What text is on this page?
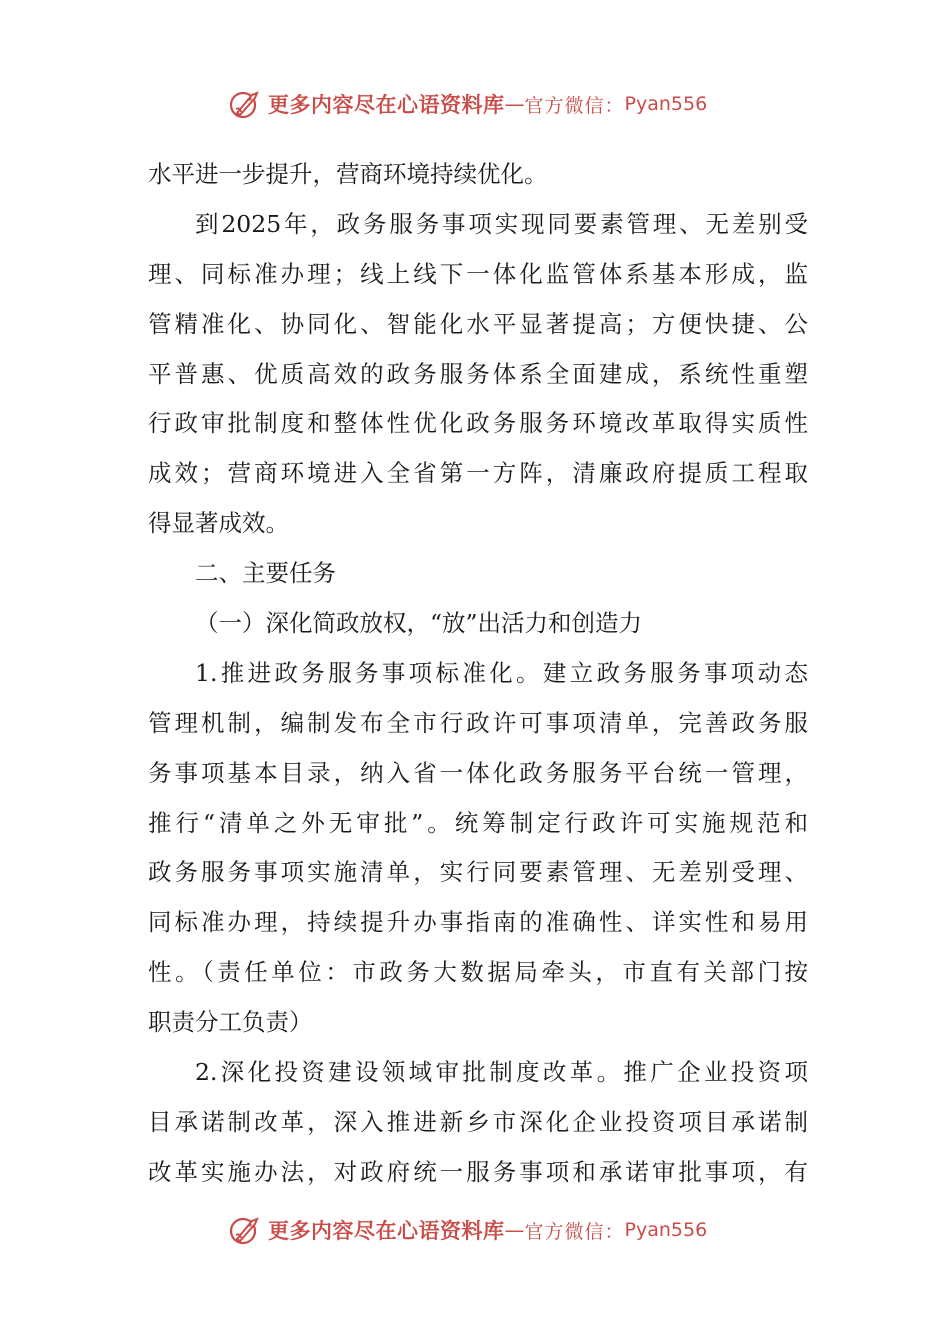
更多内容尽在心语资料库 — 官方微信： Pyan556
水平进一步提升，营商环境持续优化。
到2025年，政务服务事项实现同要素管理、无差别受
理、同标准办理；线上线下一体化监管体系基本形成，监
管精准化、协同化、智能化水平显著提高；方便快捷、公
平普惠、优质高效的政务服务体系全面建成，系统性重塑
行政审批制度和整体性优化政务服务环境改革取得实质性
成效；营商环境进入全省第一方阵，清廉政府提质工程取
得显著成效。
二、主要任务
（一）深化简政放权，“放”出活力和创造力
1.推进政务服务事项标准化。建立政务服务事项动态
管理机制，编制发布全市行政许可事项清单，完善政务服
务事项基本目录，纳入省一体化政务服务平台统一管理，
推行“清单之外无审批”。统筹制定行政许可实施规范和
政务服务事项实施清单，实行同要素管理、无差别受理、
同标准办理，持续提升办事指南的准确性、详实性和易用
性。（责任单位：市政务大数据局牵头，市直有关部门按
职责分工负责）
2.深化投资建设领域审批制度改革。推广企业投资项
目承诺制改革，深入推进新乡市深化企业投资项目承诺制
改革实施办法，对政府统一服务事项和承诺审批事项，有
更多内容尽在心语资料库 — 官方微信： Pyan556
